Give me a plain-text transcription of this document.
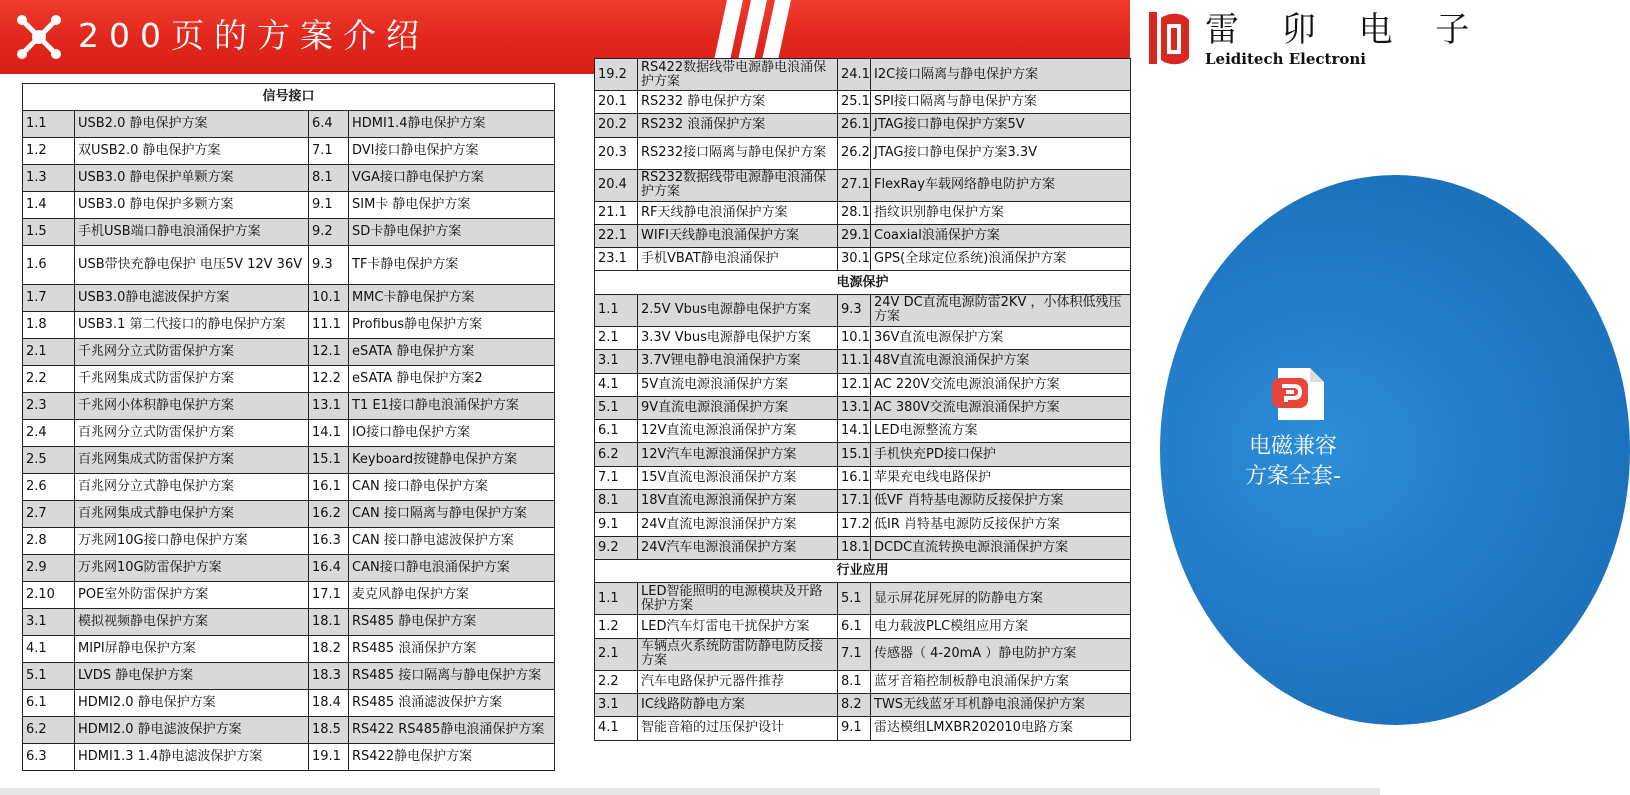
200页的方案介绍	雷 卯 电 子
Leiditech Electroni
信号接口			
1.1	USB2.0 静电保护方案	6.4	HDMI1.4静电保护方案
1.2	双USB2.0 静电保护方案	7.1	DVI接口静电保护方案
1.3	USB3.0 静电保护单颗方案	8.1	VGA接口静电保护方案
1.4	USB3.0 静电保护多颗方案	9.1	SIM卡 静电保护方案
1.5	手机USB端口静电浪涌保护方案	9.2	SD卡静电保护方案
1.6	USB带快充静电保护 电压5V 12V 36V	9.3	TF卡静电保护方案
1.7	USB3.0静电滤波保护方案	10.1	MMC卡静电保护方案
1.8	USB3.1 第二代接口的静电保护方案	11.1	Profibus静电保护方案
2.1	千兆网分立式防雷保护方案	12.1	eSATA 静电保护方案
2.2	千兆网集成式防雷保护方案	12.2	eSATA 静电保护方案2
2.3	千兆网小体积静电保护方案	13.1	T1 E1接口静电浪涌保护方案
2.4	百兆网分立式防雷保护方案	14.1	IO接口静电保护方案
2.5	百兆网集成式防雷保护方案	15.1	Keyboard按键静电保护方案
2.6	百兆网分立式静电保护方案	16.1	CAN 接口静电保护方案
2.7	百兆网集成式静电保护方案	16.2	CAN 接口隔离与静电保护方案
2.8	万兆网10G接口静电保护方案	16.3	CAN 接口静电滤波保护方案
2.9	万兆网10G防雷保护方案	16.4	CAN接口静电浪涌保护方案
2.10	POE室外防雷保护方案	17.1	麦克风静电保护方案
3.1	模拟视频静电保护方案	18.1	RS485 静电保护方案
4.1	MIPI屏静电保护方案	18.2	RS485 浪涌保护方案
5.1	LVDS 静电保护方案	18.3	RS485 接口隔离与静电保护方案
6.1	HDMI2.0 静电保护方案	18.4	RS485 浪涌滤波保护方案
6.2	HDMI2.0 静电滤波保护方案	18.5	RS422 RS485静电浪涌保护方案
6.3	HDMI1.3 1.4静电滤波保护方案	19.1	RS422静电保护方案
19.2	RS422数据线带电源静电浪涌保护方案	24.1	I2C接口隔离与静电保护方案
20.1	RS232 静电保护方案	25.1	SPI接口隔离与静电保护方案
20.2	RS232 浪涌保护方案	26.1	JTAG接口静电保护方案5V
20.3	RS232接口隔离与静电保护方案	26.2	JTAG接口静电保护方案3.3V
20.4	RS232数据线带电源静电浪涌保护方案	27.1	FlexRay车载网络静电防护方案
21.1	RF天线静电浪涌保护方案	28.1	指纹识别静电保护方案
22.1	WIFI天线静电浪涌保护方案	29.1	Coaxial浪涌保护方案
23.1	手机VBAT静电浪涌保护	30.1	GPS(全球定位系统)浪涌保护方案
电源保护			
1.1	2.5V Vbus电源静电保护方案	9.3	24V DC直流电源防雷2KV ，小体积低残压方案
2.1	3.3V Vbus电源静电保护方案	10.1	36V直流电源保护方案
3.1	3.7V锂电静电浪涌保护方案	11.1	48V直流电源浪涌保护方案
4.1	5V直流电源浪涌保护方案	12.1	AC 220V交流电源浪涌保护方案
5.1	9V直流电源浪涌保护方案	13.1	AC 380V交流电源浪涌保护方案
6.1	12V直流电源浪涌保护方案	14.1	LED电源整流方案
6.2	12V汽车电源浪涌保护方案	15.1	手机快充PD接口保护
7.1	15V直流电源浪涌保护方案	16.1	苹果充电线电路保护
8.1	18V直流电源浪涌保护方案	17.1	低VF 肖特基电源防反接保护方案
9.1	24V直流电源浪涌保护方案	17.2	低IR 肖特基电源防反接保护方案
9.2	24V汽车电源浪涌保护方案	18.1	DCDC直流转换电源浪涌保护方案
行业应用			
1.1	LED智能照明的电源模块及开路保护方案	5.1	显示屏花屏死屏的防静电方案
1.2	LED汽车灯雷电干扰保护方案	6.1	电力载波PLC模组应用方案
2.1	车辆点火系统防雷防静电防反接方案	7.1	传感器（ 4-20mA ）静电防护方案
2.2	汽车电路保护元器件推荐	8.1	蓝牙音箱控制板静电浪涌保护方案
3.1	IC线路防静电方案	8.2	TWS无线蓝牙耳机静电浪涌保护方案
4.1	智能音箱的过压保护设计	9.1	雷达模组LMXBR202010电路方案
电磁兼容
方案全套-
